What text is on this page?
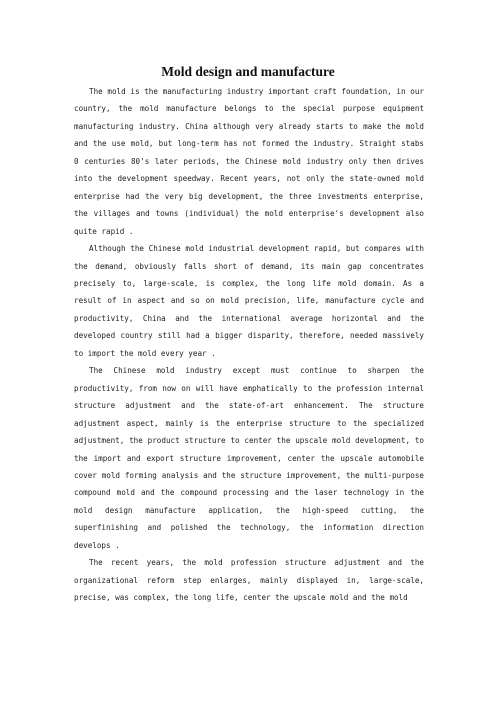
Mold design and manufacture

The mold is the manufacturing industry important craft foundation, in our country, the mold manufacture belongs to the special purpose equipment manufacturing industry. China although very already starts to make the mold and the use mold, but long-term has not formed the industry. Straight stabs 0 centuries 80's later periods, the Chinese mold industry only then drives into the development speedway. Recent years, not only the state-owned mold enterprise had the very big development, the three investments enterprise, the villages and towns (individual) the mold enterprise's development also quite rapid .

Although the Chinese mold industrial development rapid, but compares with the demand, obviously falls short of demand, its main gap concentrates precisely to, large-scale, is complex, the long life mold domain. As a result of in aspect and so on mold precision, life, manufacture cycle and productivity, China and the international average horizontal and the developed country still had a bigger disparity, therefore, needed massively to import the mold every year .

The Chinese mold industry except must continue to sharpen the productivity, from now on will have emphatically to the profession internal structure adjustment and the state-of-art enhancement. The structure adjustment aspect, mainly is the enterprise structure to the specialized adjustment, the product structure to center the upscale mold development, to the import and export structure improvement, center the upscale automobile cover mold forming analysis and the structure improvement, the multi-purpose compound mold and the compound processing and the laser technology in the mold design manufacture application, the high-speed cutting, the superfinishing and polished the technology, the information direction develops .

The recent years, the mold profession structure adjustment and the organizational reform step enlarges, mainly displayed in, large-scale, precise, was complex, the long life, center the upscale mold and the mold
